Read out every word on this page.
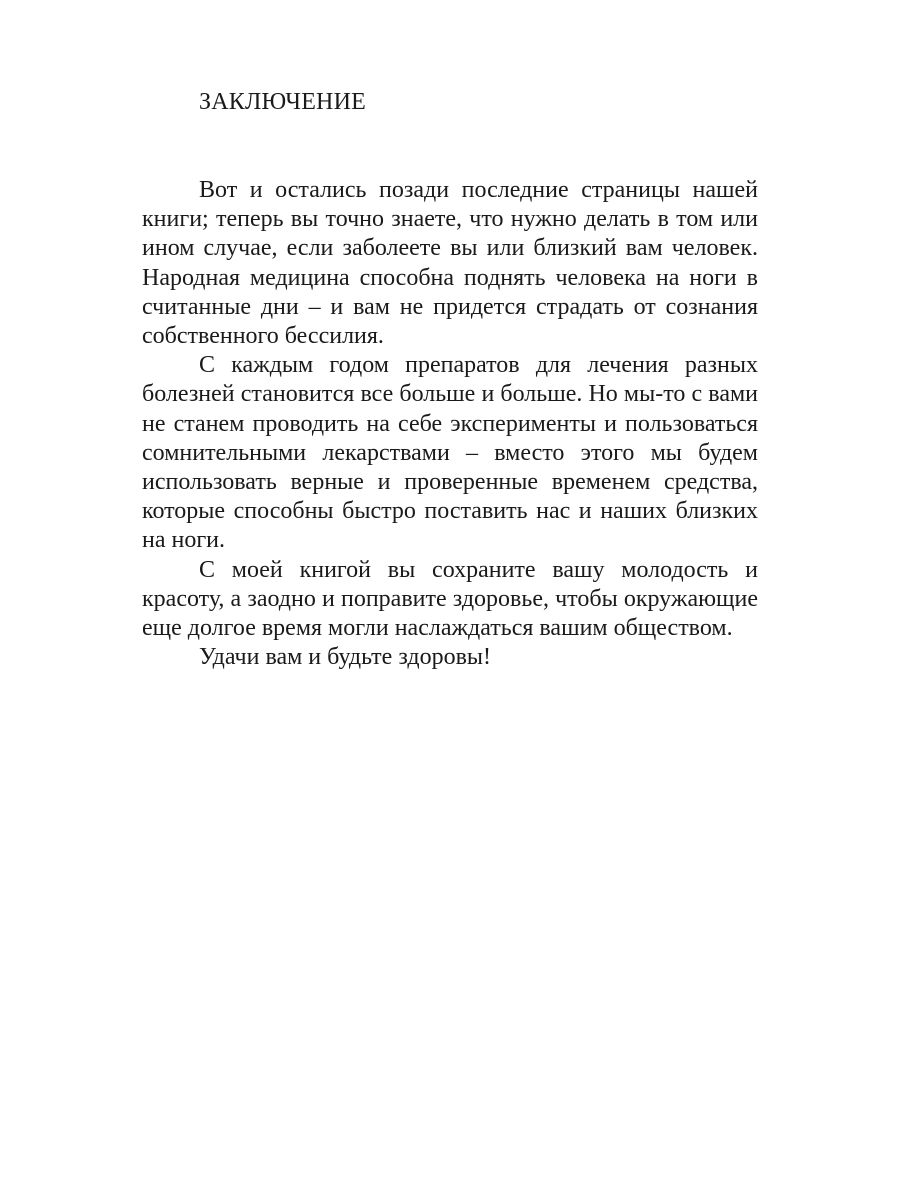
ЗАКЛЮЧЕНИЕ

Вот и остались позади последние страницы нашей книги; теперь вы точно знаете, что нужно делать в том или ином случае, если заболеете вы или близкий вам человек. Народная медицина способна поднять человека на ноги в считанные дни – и вам не придется страдать от сознания собственного бессилия.

С каждым годом препаратов для лечения разных болезней становится все больше и больше. Но мы-то с вами не станем проводить на себе эксперименты и пользоваться сомнительными лекарствами – вместо этого мы будем использовать верные и проверенные временем средства, которые способны быстро поставить нас и наших близких на ноги.

С моей книгой вы сохраните вашу молодость и красоту, а заодно и поправите здоровье, чтобы окружающие еще долгое время могли наслаждаться вашим обществом.

Удачи вам и будьте здоровы!
